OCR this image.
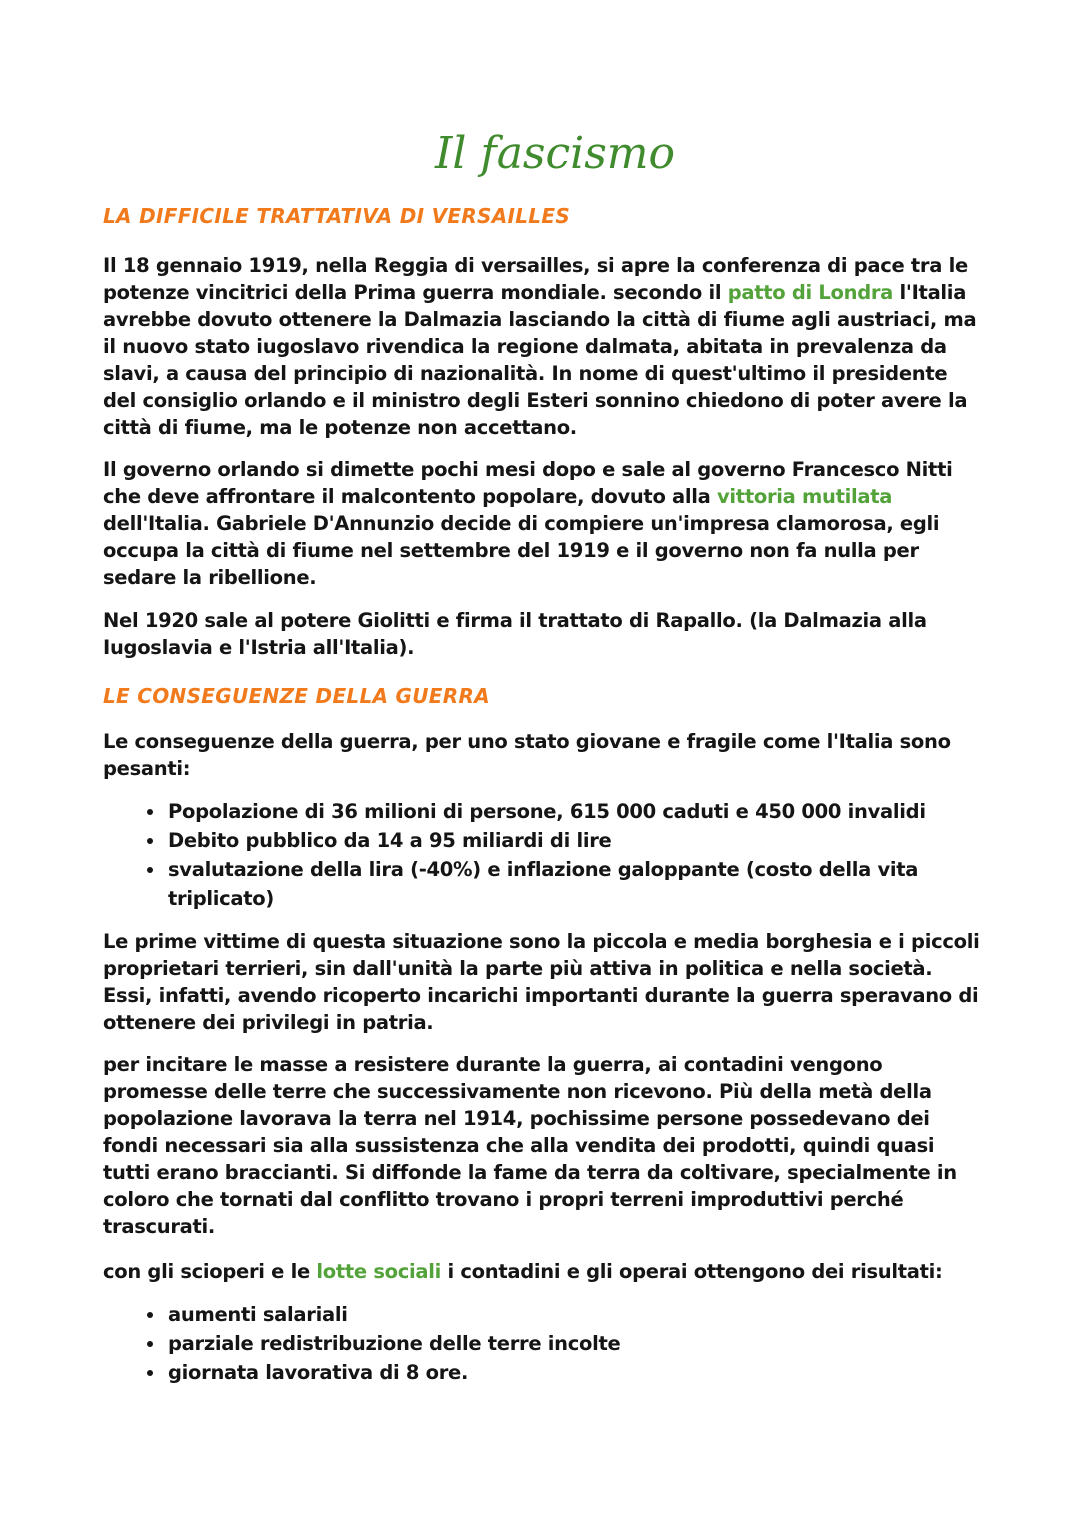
Il fascismo
LA DIFFICILE TRATTATIVA DI VERSAILLES

Il 18 gennaio 1919, nella Reggia di versailles, si apre la conferenza di pace tra le potenze vincitrici della Prima guerra mondiale. secondo il patto di Londra l'Italia avrebbe dovuto ottenere la Dalmazia lasciando la città di fiume agli austriaci, ma il nuovo stato iugoslavo rivendica la regione dalmata, abitata in prevalenza da slavi, a causa del principio di nazionalità. In nome di quest'ultimo il presidente del consiglio orlando e il ministro degli Esteri sonnino chiedono di poter avere la città di fiume, ma le potenze non accettano.

Il governo orlando si dimette pochi mesi dopo e sale al governo Francesco Nitti che deve affrontare il malcontento popolare, dovuto alla vittoria mutilata dell'Italia. Gabriele D'Annunzio decide di compiere un'impresa clamorosa, egli occupa la città di fiume nel settembre del 1919 e il governo non fa nulla per sedare la ribellione.

Nel 1920 sale al potere Giolitti e firma il trattato di Rapallo. (la Dalmazia alla Iugoslavia e l'Istria all'Italia).

LE CONSEGUENZE DELLA GUERRA

Le conseguenze della guerra, per uno stato giovane e fragile come l'Italia sono pesanti:

• Popolazione di 36 milioni di persone, 615 000 caduti e 450 000 invalidi
• Debito pubblico da 14 a 95 miliardi di lire
• svalutazione della lira (-40%) e inflazione galoppante (costo della vita triplicato)

Le prime vittime di questa situazione sono la piccola e media borghesia e i piccoli proprietari terrieri, sin dall'unità la parte più attiva in politica e nella società. Essi, infatti, avendo ricoperto incarichi importanti durante la guerra speravano di ottenere dei privilegi in patria.

per incitare le masse a resistere durante la guerra, ai contadini vengono promesse delle terre che successivamente non ricevono. Più della metà della popolazione lavorava la terra nel 1914, pochissime persone possedevano dei fondi necessari sia alla sussistenza che alla vendita dei prodotti, quindi quasi tutti erano braccianti. Si diffonde la fame da terra da coltivare, specialmente in coloro che tornati dal conflitto trovano i propri terreni improduttivi perché trascurati.

con gli scioperi e le lotte sociali i contadini e gli operai ottengono dei risultati:

• aumenti salariali
• parziale redistribuzione delle terre incolte
• giornata lavorativa di 8 ore.
